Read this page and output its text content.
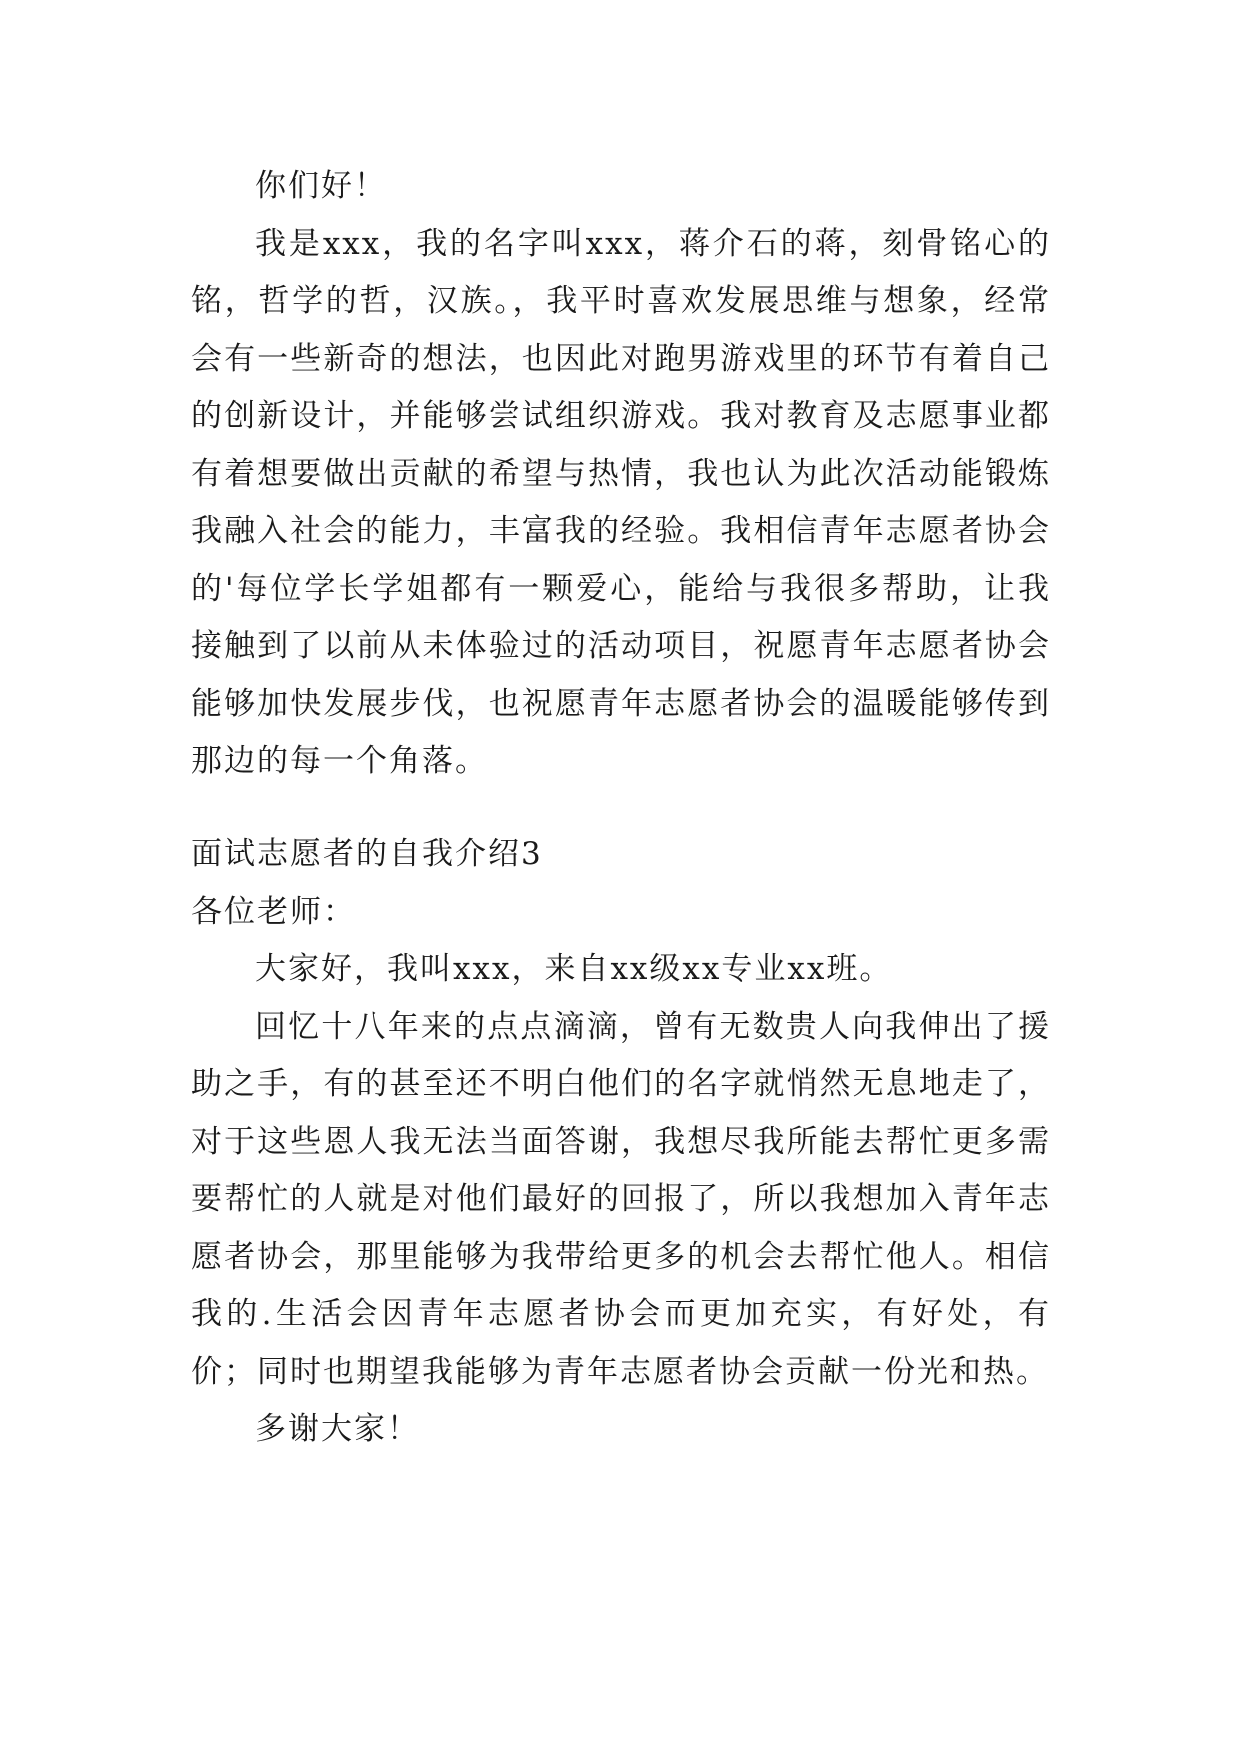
你们好！

我是xxx，我的名字叫xxx，蒋介石的蒋，刻骨铭心的铭，哲学的哲，汉族。，我平时喜欢发展思维与想象，经常会有一些新奇的想法，也因此对跑男游戏里的环节有着自己的创新设计，并能够尝试组织游戏。我对教育及志愿事业都有着想要做出贡献的希望与热情，我也认为此次活动能锻炼我融入社会的能力，丰富我的经验。我相信青年志愿者协会的'每位学长学姐都有一颗爱心，能给与我很多帮助，让我接触到了以前从未体验过的活动项目，祝愿青年志愿者协会能够加快发展步伐，也祝愿青年志愿者协会的温暖能够传到那边的每一个角落。

面试志愿者的自我介绍3

各位老师：

大家好，我叫xxx，来自xx级xx专业xx班。

回忆十八年来的点点滴滴，曾有无数贵人向我伸出了援助之手，有的甚至还不明白他们的名字就悄然无息地走了，对于这些恩人我无法当面答谢，我想尽我所能去帮忙更多需要帮忙的人就是对他们最好的回报了，所以我想加入青年志愿者协会，那里能够为我带给更多的机会去帮忙他人。相信我的.生活会因青年志愿者协会而更加充实，有好处，有价；同时也期望我能够为青年志愿者协会贡献一份光和热。

多谢大家！
